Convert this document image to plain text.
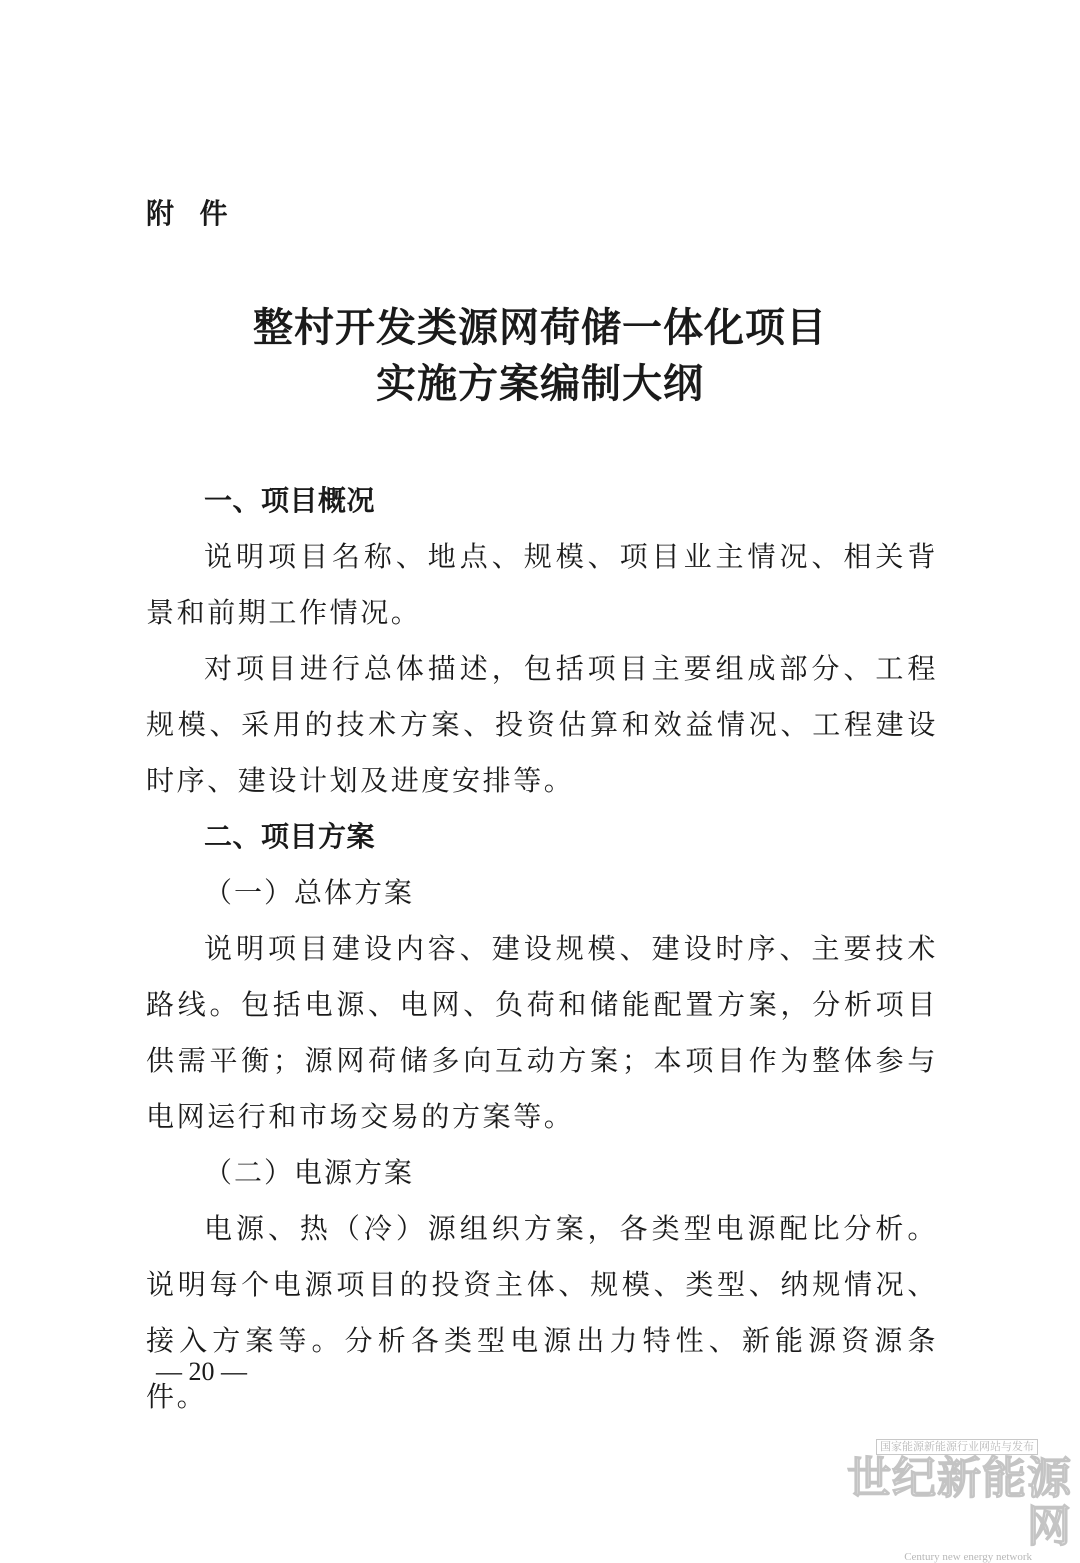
附  件
整村开发类源网荷储一体化项目
实施方案编制大纲

一、项目概况

说明项目名称、地点、规模、项目业主情况、相关背景和前期工作情况。

对项目进行总体描述，包括项目主要组成部分、工程规模、采用的技术方案、投资估算和效益情况、工程建设时序、建设计划及进度安排等。

二、项目方案

（一）总体方案

说明项目建设内容、建设规模、建设时序、主要技术路线。包括电源、电网、负荷和储能配置方案，分析项目供需平衡；源网荷储多向互动方案；本项目作为整体参与电网运行和市场交易的方案等。

（二）电源方案

电源、热（冷）源组织方案，各类型电源配比分析。说明每个电源项目的投资主体、规模、类型、纳规情况、接入方案等。分析各类型电源出力特性、新能源资源条件。

— 20 —
国家能源新能源行业网站与发布
世纪新能源网
Century new energy network
